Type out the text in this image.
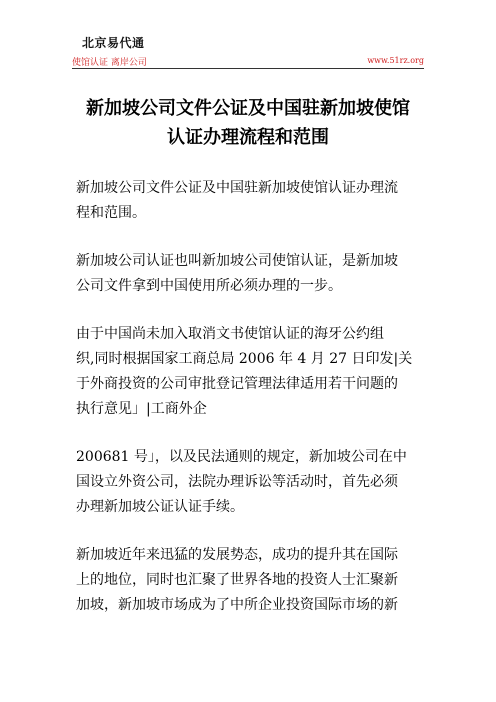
北京易代通
使馆认证 离岸公司	www.51rz.org
新加坡公司文件公证及中国驻新加坡使馆
认证办理流程和范围

新加坡公司文件公证及中国驻新加坡使馆认证办理流
程和范围。

新加坡公司认证也叫新加坡公司使馆认证，是新加坡
公司文件拿到中国使用所必须办理的一步。

由于中国尚未加入取消文书使馆认证的海牙公约组
织,同时根据国家工商总局 2006 年 4 月 27 日印发|关
于外商投资的公司审批登记管理法律适用若干问题的
执行意见」|工商外企

200681 号」，以及民法通则的规定，新加坡公司在中
国设立外资公司，法院办理诉讼等活动时，首先必须
办理新加坡公证认证手续。

新加坡近年来迅猛的发展势态，成功的提升其在国际
上的地位，同时也汇聚了世界各地的投资人士汇聚新
加坡，新加坡市场成为了中所企业投资国际市场的新
